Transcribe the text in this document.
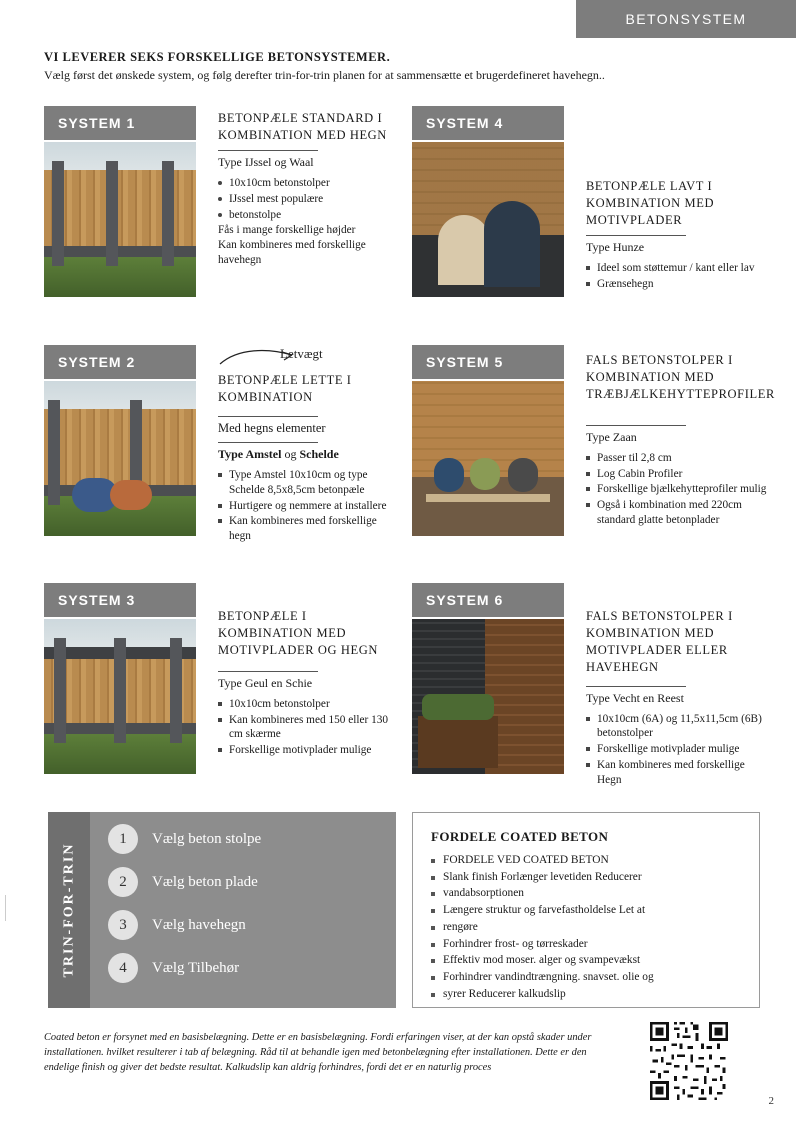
BETONSYSTEM
VI LEVERER SEKS FORSKELLIGE BETONSYSTEMER.
Vælg først det ønskede system, og følg derefter trin-for-trin planen for at sammensætte et brugerdefineret havehegn..
SYSTEM 1	BETONPÆLE STANDARD I KOMBINATION MED HEGN
Type IJssel og Waal
10x10cm betonstolper
IJssel mest populære
betonstolpe
Fås i mange forskellige højder
Kan kombineres med forskellige havehegn
SYSTEM 4
BETONPÆLE LAVT I KOMBINATION MED MOTIVPLADER
Type Hunze
Ideel som støttemur / kant eller lav
Grænsehegn
SYSTEM 2
Letvægt
BETONPÆLE LETTE I KOMBINATION
Med hegns elementer
Type Amstel og Schelde
Type Amstel 10x10cm og type Schelde 8,5x8,5cm betonpæle
Hurtigere og nemmere at installere
Kan kombineres med forskellige hegn
SYSTEM 5	FALS BETONSTOLPER I KOMBINATION MED TRÆBJÆLKEHYTTEPROFILER
Type Zaan
Passer til 2,8 cm
Log Cabin Profiler
Forskellige bjælkehytteprofiler mulig
Også i kombination med 220cm standard glatte betonplader
SYSTEM 3
BETONPÆLE I KOMBINATION MED MOTIVPLADER OG HEGN
Type Geul en Schie
10x10cm betonstolper
Kan kombineres med 150 eller 130 cm skærme
Forskellige motivplader mulige
SYSTEM 6
FALS BETONSTOLPER I KOMBINATION MED MOTIVPLADER ELLER HAVEHEGN
Type Vecht en Reest
10x10cm (6A) og 11,5x11,5cm (6B) betonstolper
Forskellige motivplader mulige
Kan kombineres med forskellige Hegn
TRIN-FOR-TRIN
1	Vælg beton stolpe
2	Vælg beton plade
3	Vælg havehegn
4	Vælg Tilbehør
FORDELE COATED BETON
FORDELE VED COATED BETON
Slank finish Forlænger levetiden Reducerer
vandabsorptionen
Længere struktur og farvefastholdelse Let at
rengøre
Forhindrer frost- og tørreskader
Effektiv mod moser. alger og svampevækst
Forhindrer vandindtrængning. snavset. olie og
syrer Reducerer kalkudslip
Coated beton er forsynet med en basisbelægning. Dette er en basisbelægning. Fordi erfaringen viser, at der kan opstå skader under installationen. hvilket resulterer i tab af belægning. Råd til at behandle igen med betonbelægning efter installationen. Dette er den endelige finish og giver det bedste resultat. Kalkudslip kan aldrig forhindres, fordi det er en naturlig proces
2
